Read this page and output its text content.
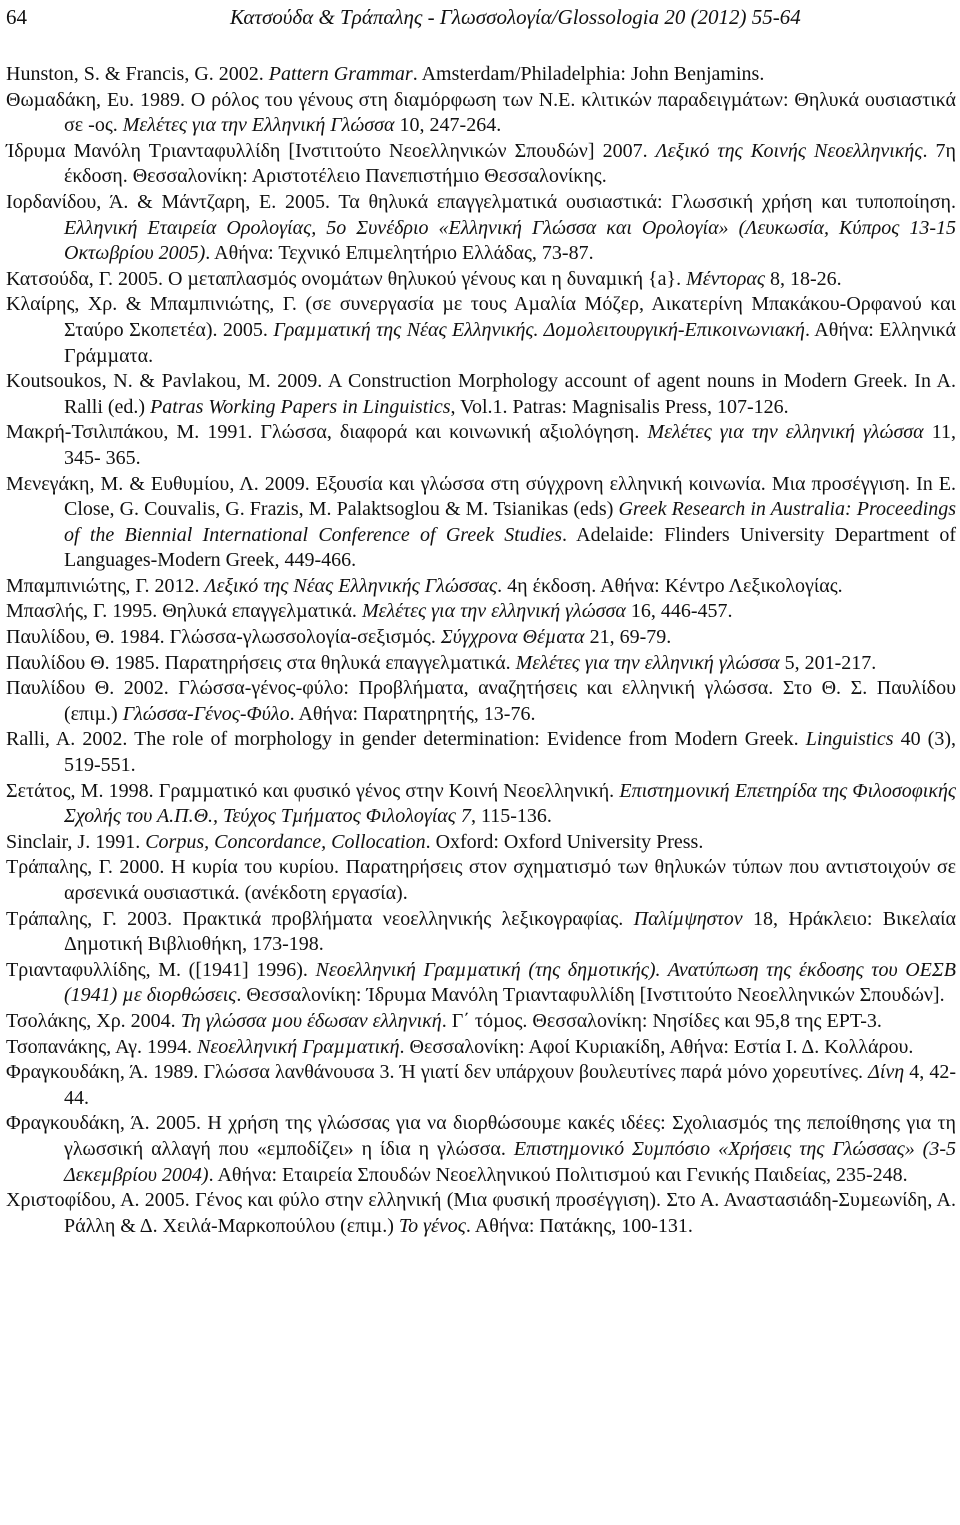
64	Κατσούδα & Τράπαλης - Γλωσσολογία/Glossologia 20 (2012) 55-64
Hunston, S. & Francis, G. 2002. Pattern Grammar. Amsterdam/Philadelphia: John Benjamins.
Θωµαδάκη, Ευ. 1989. Ο ρόλος του γένους στη διαµόρφωση των Ν.Ε. κλιτικών παραδειγµάτων: Θηλυκά ουσιαστικά σε -ος. Μελέτες για την Ελληνική Γλώσσα 10, 247-264.
Ίδρυµα Μανόλη Τριανταφυλλίδη [Ινστιτούτο Νεοελληνικών Σπουδών] 2007. Λεξικό της Κοινής Νεοελληνικής. 7η έκδοση. Θεσσαλονίκη: Αριστοτέλειο Πανεπιστήµιο Θεσσαλονίκης.
Ιορδανίδου, Ά. & Μάντζαρη, Ε. 2005. Τα θηλυκά επαγγελµατικά ουσιαστικά: Γλωσσική χρήση και τυποποίηση. Ελληνική Εταιρεία Ορολογίας, 5ο Συνέδριο «Ελληνική Γλώσσα και Ορολογία» (Λευκωσία, Κύπρος 13-15 Οκτωβρίου 2005). Αθήνα: Τεχνικό Επιµελητήριο Ελλάδας, 73-87.
Κατσούδα, Γ. 2005. Ο µεταπλασµός ονοµάτων θηλυκού γένους και η δυναµική {a}. Μέντορας 8, 18-26.
Κλαίρης, Χρ. & Μπαµπινιώτης, Γ. (σε συνεργασία µε τους Αµαλία Μόζερ, Αικατερίνη Μπακάκου-Ορφανού και Σταύρο Σκοπετέα). 2005. Γραµµατική της Νέας Ελληνικής. Δοµολειτουργική-Επικοινωνιακή. Αθήνα: Ελληνικά Γράµµατα.
Koutsoukos, N. & Pavlakou, M. 2009. A Construction Morphology account of agent nouns in Modern Greek. In A. Ralli (ed.) Patras Working Papers in Linguistics, Vol.1. Patras: Magnisalis Press, 107-126.
Μακρή-Τσιλιπάκου, Μ. 1991. Γλώσσα, διαφορά και κοινωνική αξιολόγηση. Μελέτες για την ελληνική γλώσσα 11, 345- 365.
Μενεγάκη, Μ. & Ευθυµίου, Λ. 2009. Εξουσία και γλώσσα στη σύγχρονη ελληνική κοινωνία. Μια προσέγγιση. In E. Close, G. Couvalis, G. Frazis, M. Palaktsoglou & M. Tsianikas (eds) Greek Research in Australia: Proceedings of the Biennial International Conference of Greek Studies. Adelaide: Flinders University Department of Languages-Modern Greek, 449-466.
Μπαµπινιώτης, Γ. 2012. Λεξικό της Νέας Ελληνικής Γλώσσας. 4η έκδοση. Αθήνα: Κέντρο Λεξικολογίας.
Μπασλής, Γ. 1995. Θηλυκά επαγγελµατικά. Μελέτες για την ελληνική γλώσσα 16, 446-457.
Παυλίδου, Θ. 1984. Γλώσσα-γλωσσολογία-σεξισµός. Σύγχρονα Θέµατα 21, 69-79.
Παυλίδου Θ. 1985. Παρατηρήσεις στα θηλυκά επαγγελµατικά. Μελέτες για την ελληνική γλώσσα 5, 201-217.
Παυλίδου Θ. 2002. Γλώσσα-γένος-φύλο: Προβλήµατα, αναζητήσεις και ελληνική γλώσσα. Στο Θ. Σ. Παυλίδου (επιµ.) Γλώσσα-Γένος-Φύλο. Αθήνα: Παρατηρητής, 13-76.
Ralli, A. 2002. The role of morphology in gender determination: Evidence from Modern Greek. Linguistics 40 (3), 519-551.
Σετάτος, Μ. 1998. Γραµµατικό και φυσικό γένος στην Κοινή Νεοελληνική. Επιστηµονική Επετηρίδα της Φιλοσοφικής Σχολής του Α.Π.Θ., Τεύχος Τµήµατος Φιλολογίας 7, 115-136.
Sinclair, J. 1991. Corpus, Concordance, Collocation. Oxford: Oxford University Press.
Τράπαλης, Γ. 2000. Η κυρία του κυρίου. Παρατηρήσεις στον σχηµατισµό των θηλυκών τύπων που αντιστοιχούν σε αρσενικά ουσιαστικά. (ανέκδοτη εργασία).
Τράπαλης, Γ. 2003. Πρακτικά προβλήµατα νεοελληνικής λεξικογραφίας. Παλίµψηστον 18, Ηράκλειο: Βικελαία Δηµοτική Βιβλιοθήκη, 173-198.
Τριανταφυλλίδης, Μ. ([1941] 1996). Νεοελληνική Γραµµατική (της δηµοτικής). Ανατύπωση της έκδοσης του ΟΕΣΒ (1941) µε διορθώσεις. Θεσσαλονίκη: Ίδρυµα Μανόλη Τριανταφυλλίδη [Ινστιτούτο Νεοελληνικών Σπουδών].
Τσολάκης, Χρ. 2004. Τη γλώσσα µου έδωσαν ελληνική. Γ΄ τόµος. Θεσσαλονίκη: Νησίδες και 95,8 της ΕΡΤ-3.
Τσοπανάκης, Αγ. 1994. Νεοελληνική Γραµµατική. Θεσσαλονίκη: Αφοί Κυριακίδη, Αθήνα: Εστία Ι. Δ. Κολλάρου.
Φραγκουδάκη, Ά. 1989. Γλώσσα λανθάνουσα 3. Ή γιατί δεν υπάρχουν βουλευτίνες παρά µόνο χορευτίνες. Δίνη 4, 42-44.
Φραγκουδάκη, Ά. 2005. Η χρήση της γλώσσας για να διορθώσουµε κακές ιδέες: Σχολιασµός της πεποίθησης για τη γλωσσική αλλαγή που «εµποδίζει» η ίδια η γλώσσα. Επιστηµονικό Συµπόσιο «Χρήσεις της Γλώσσας» (3-5 Δεκεµβρίου 2004). Αθήνα: Εταιρεία Σπουδών Νεοελληνικού Πολιτισµού και Γενικής Παιδείας, 235-248.
Χριστοφίδου, Α. 2005. Γένος και φύλο στην ελληνική (Μια φυσική προσέγγιση). Στο Α. Αναστασιάδη-Συµεωνίδη, Α. Ράλλη & Δ. Χειλά-Μαρκοπούλου (επιµ.) Το γένος. Αθήνα: Πατάκης, 100-131.
